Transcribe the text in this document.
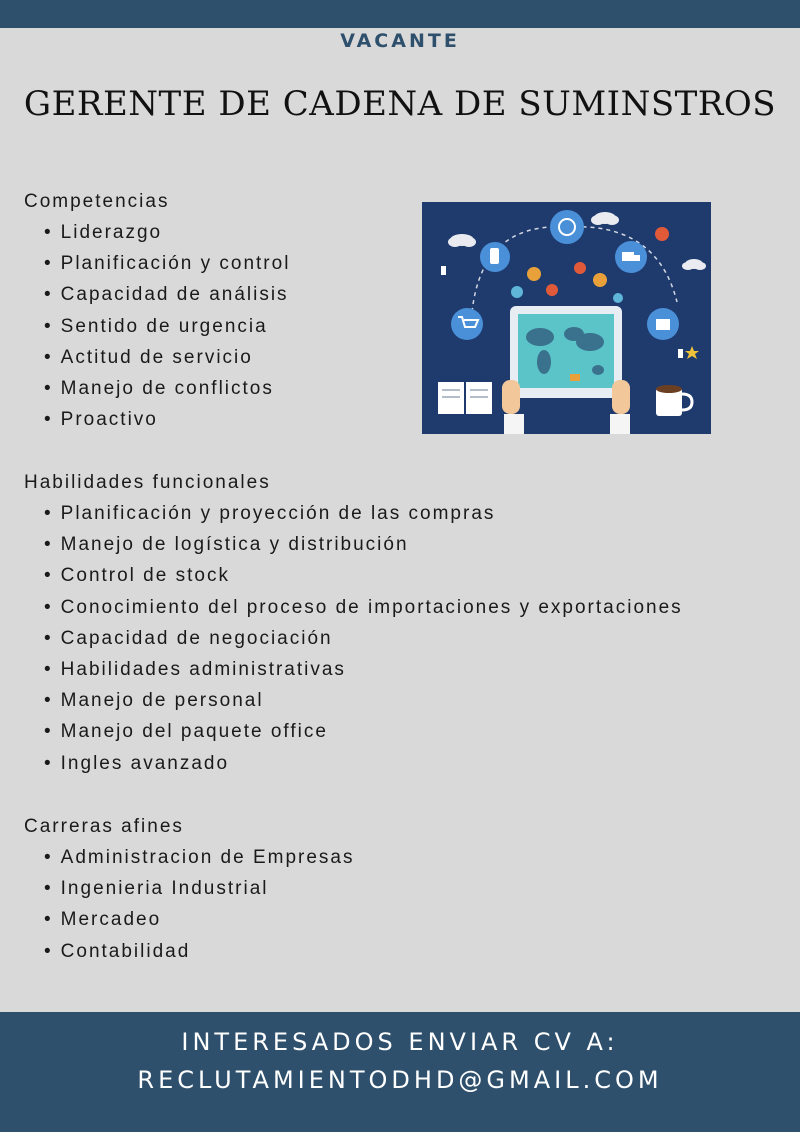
VACANTE
GERENTE DE CADENA DE SUMINSTROS
Competencias
• Liderazgo
• Planificación y control
• Capacidad de análisis
• Sentido de urgencia
• Actitud de servicio
• Manejo de conflictos
• Proactivo
Habilidades funcionales
• Planificación y proyección de las compras
• Manejo de logística y distribución
• Control de stock
• Conocimiento del proceso de importaciones y exportaciones
• Capacidad de negociación
• Habilidades administrativas
• Manejo de personal
• Manejo del paquete office
• Ingles avanzado
Carreras afines
• Administracion de Empresas
• Ingenieria Industrial
• Mercadeo
• Contabilidad
INTERESADOS ENVIAR CV A:
RECLUTAMIENTODHD@GMAIL.COM
